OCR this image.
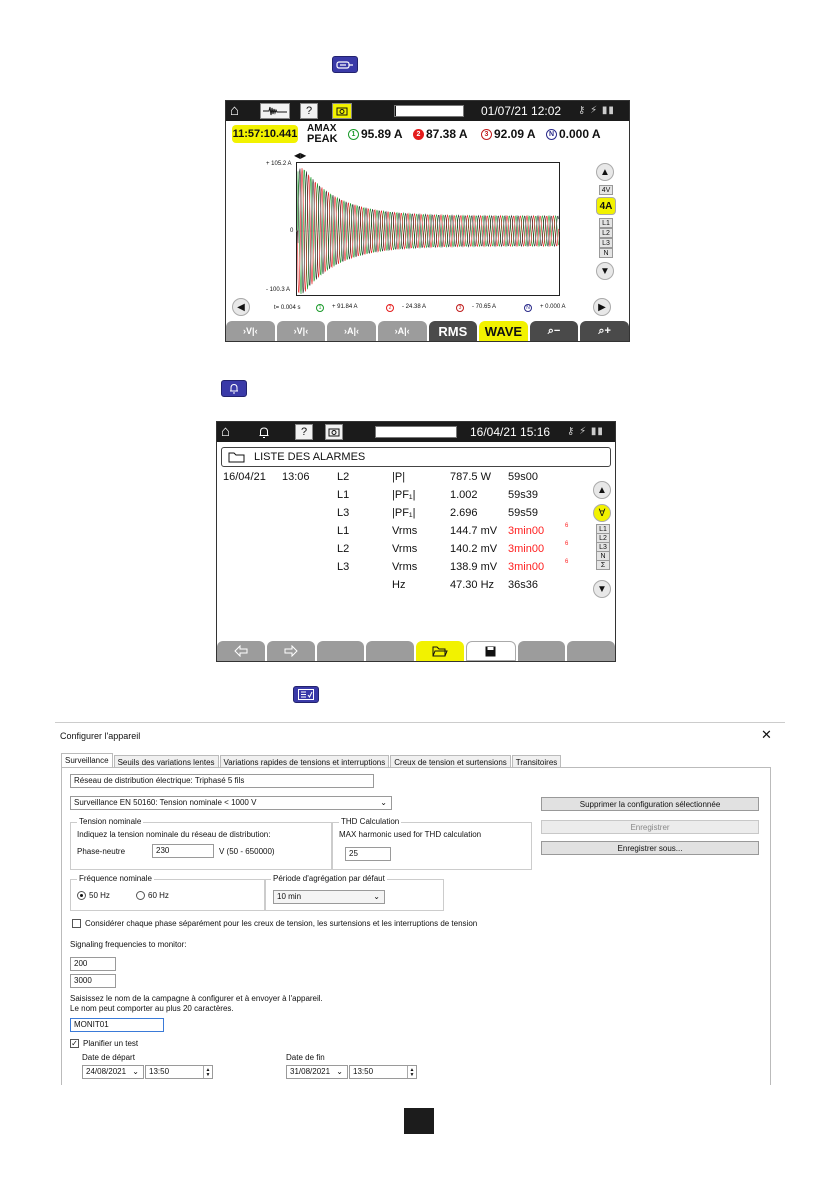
⌂	?	01/07/21 12:02 ⚷ ⚡ ▮▮
11:57:10.441 AMAX
PEAK
+ 105.2 A
0
- 100.3 A
◀▶
▲
▼
◀	t= 0.004 s	▶
›V|‹	›V|‹	›A|‹	›A|‹ RMS WAVE ⌕−	⌕+
1 95.89 A	2 87.38 A	3 92.09 A	N 0.000 A
4V
4A
L1
L2
L3
N
1	+ 91.84 A	2	- 24.38 A	3	- 70.65 A	N	+ 0.000 A
⌂	?	16/04/21 15:16 ⚷ ⚡ ▮▮
LISTE DES ALARMES
▲
∀
▼
16/04/21 13:06 L2	|P|	787.5 W 59s00
L1	|PF₁|	1.002	59s39
L3	|PF₁|	2.696	59s59
L1	Vrms	144.7 mV 3min00	6
L2	Vrms	140.2 mV 3min00	6
L3	Vrms	138.9 mV 3min00	6
Hz	47.30 Hz 36s36
L1
L2
L3
N
Σ
Configurer l'appareil	✕
Surveillance	Seuils des variations lentes	Variations rapides de tensions et interruptions	Creux de tension et surtensions	Transitoires
Réseau de distribution électrique: Triphasé 5 fils
Surveillance EN 50160: Tension nominale < 1000 V	⌄	Supprimer la configuration sélectionnée
Enregistrer
Enregistrer sous...
Tension nominale
Indiquez la tension nominale du réseau de distribution:
Phase-neutre	230	V (50 - 650000)
THD Calculation
MAX harmonic used for THD calculation
25
Fréquence nominale
50 Hz	60 Hz
Période d'agrégation par défaut
10 min	⌄
Considérer chaque phase séparément pour les creux de tension, les surtensions et les interruptions de tension
Signaling frequencies to monitor:
200
3000
Saisissez le nom de la campagne à configurer et à envoyer à l'appareil.
Le nom peut comporter au plus 20 caractères.
MONIT01
✓ Planifier un test
Date de départ
24/08/2021 ⌄	13:50	▲
▼
Date de fin
31/08/2021 ⌄	13:50	▲
▼
